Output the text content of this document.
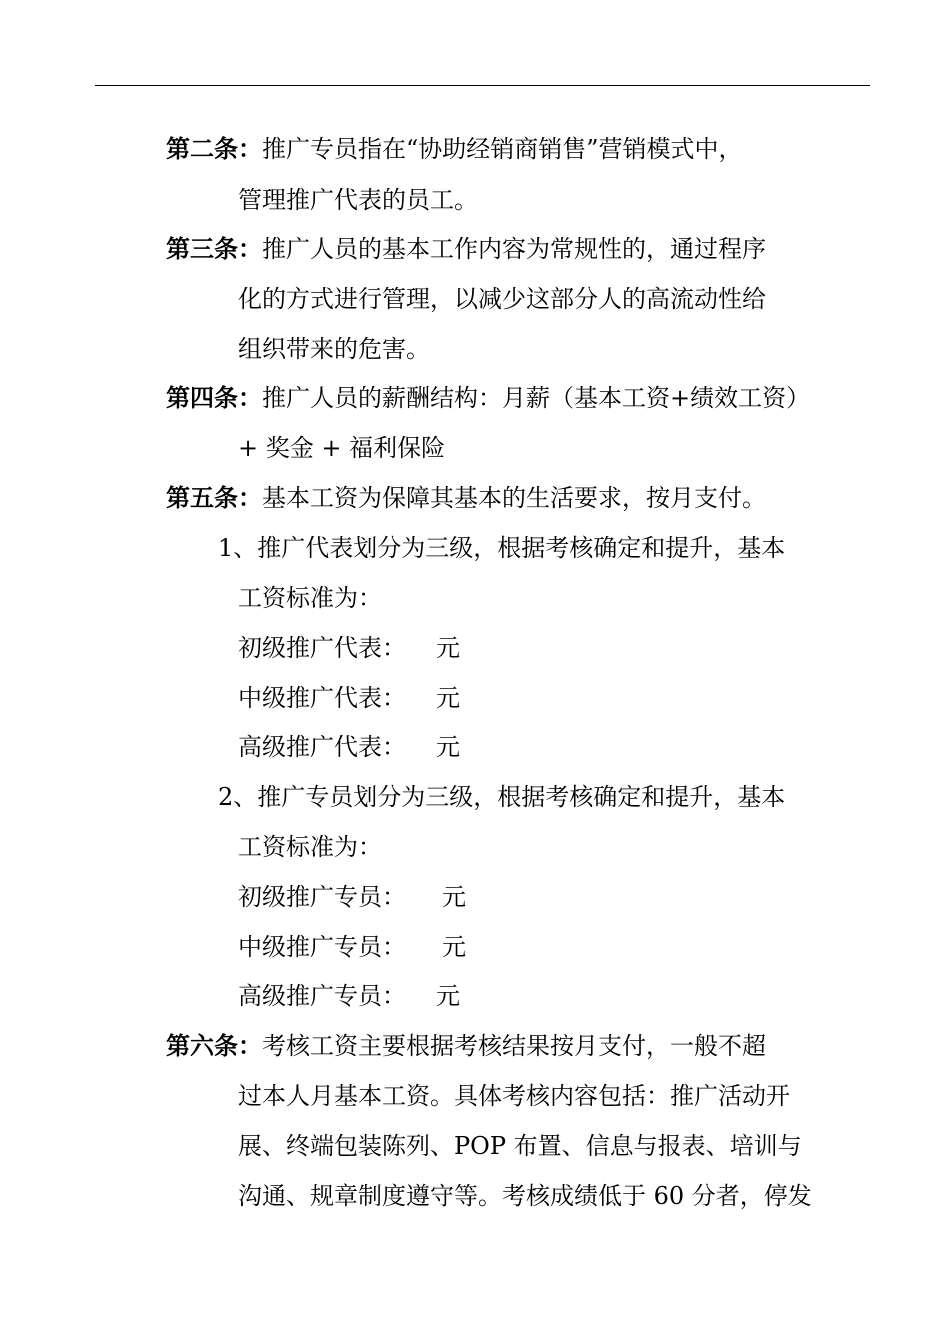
第二条：推广专员指在“协助经销商销售”营销模式中，
管理推广代表的员工。
第三条：推广人员的基本工作内容为常规性的，通过程序
化的方式进行管理，以减少这部分人的高流动性给
组织带来的危害。
第四条：推广人员的薪酬结构：月薪（基本工资+绩效工资）
+ 奖金 + 福利保险
第五条：基本工资为保障其基本的生活要求，按月支付。
1、推广代表划分为三级，根据考核确定和提升，基本
工资标准为：
初级推广代表： 元
中级推广代表： 元
高级推广代表： 元
2、推广专员划分为三级，根据考核确定和提升，基本
工资标准为：
初级推广专员： 元
中级推广专员： 元
高级推广专员： 元
第六条：考核工资主要根据考核结果按月支付，一般不超
过本人月基本工资。具体考核内容包括：推广活动开
展、终端包装陈列、POP 布置、信息与报表、培训与
沟通、规章制度遵守等。考核成绩低于 60 分者，停发
